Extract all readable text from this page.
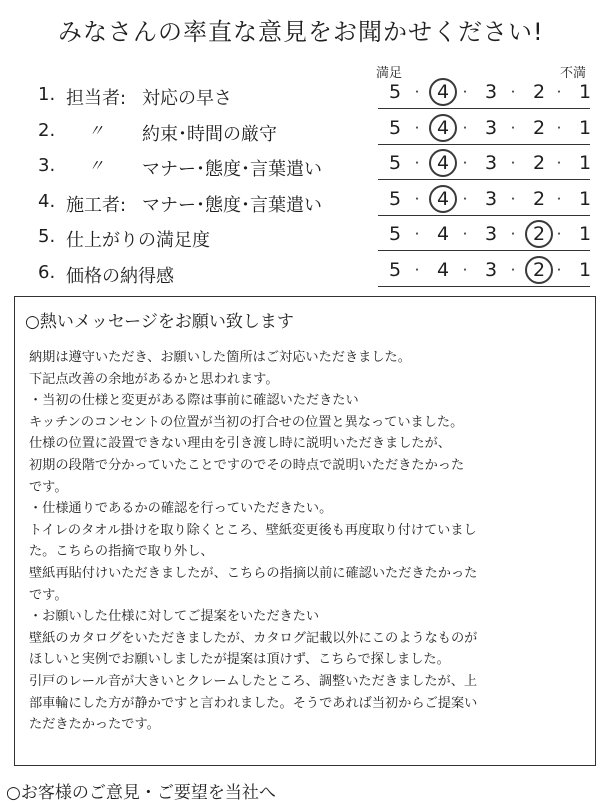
みなさんの率直な意見をお聞かせください!
満足	不満
1. 担当者: 対応の早さ	5 · 4 · 3 · 2 · 1
2. 〃 約束･時間の厳守	5 · 4 · 3 · 2 · 1
3. 〃 マナー･態度･言葉遣い	5 · 4 · 3 · 2 · 1
4. 施工者: マナー･態度･言葉遣い	5 · 4 · 3 · 2 · 1
5. 仕上がりの満足度	5 · 4 · 3 · 2 · 1
6. 価格の納得感	5 · 4 · 3 · 2 · 1
○熱いメッセージをお願い致します
納期は遵守いただき、お願いした箇所はご対応いただきました。
下記点改善の余地があるかと思われます。
・当初の仕様と変更がある際は事前に確認いただきたい
キッチンのコンセントの位置が当初の打合せの位置と異なっていました。
仕様の位置に設置できない理由を引き渡し時に説明いただきましたが、
初期の段階で分かっていたことですのでその時点で説明いただきたかった
です。
・仕様通りであるかの確認を行っていただきたい。
トイレのタオル掛けを取り除くところ、壁紙変更後も再度取り付けていまし
た。こちらの指摘で取り外し、
壁紙再貼付けいただきましたが、こちらの指摘以前に確認いただきたかった
です。
・お願いした仕様に対してご提案をいただきたい
壁紙のカタログをいただきましたが、カタログ記載以外にこのようなものが
ほしいと実例でお願いしましたが提案は頂けず、こちらで探しました。
引戸のレール音が大きいとクレームしたところ、調整いただきましたが、上
部車輪にした方が静かですと言われました。そうであれば当初からご提案い
ただきたかったです。
○お客様のご意見・ご要望を当社へ
